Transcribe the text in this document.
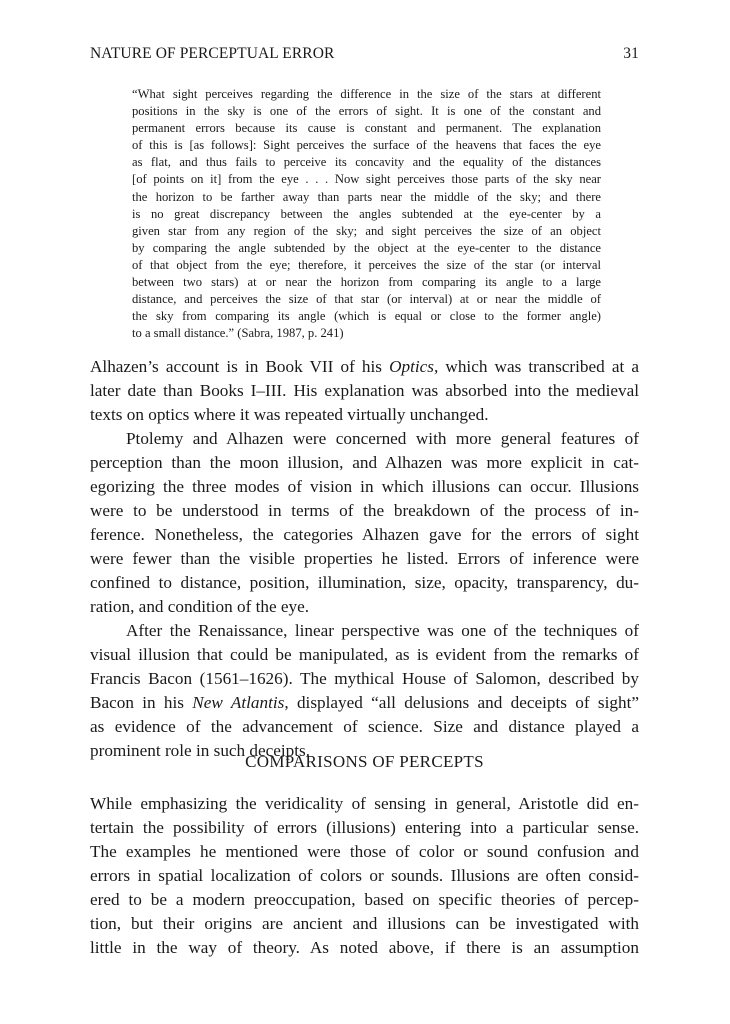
NATURE OF PERCEPTUAL ERROR	31
“What sight perceives regarding the difference in the size of the stars at different
positions in the sky is one of the errors of sight. It is one of the constant and
permanent errors because its cause is constant and permanent. The explanation
of this is [as follows]: Sight perceives the surface of the heavens that faces the eye
as flat, and thus fails to perceive its concavity and the equality of the distances
[of points on it] from the eye . . . Now sight perceives those parts of the sky near
the horizon to be farther away than parts near the middle of the sky; and there
is no great discrepancy between the angles subtended at the eye-center by a
given star from any region of the sky; and sight perceives the size of an object
by comparing the angle subtended by the object at the eye-center to the distance
of that object from the eye; therefore, it perceives the size of the star (or interval
between two stars) at or near the horizon from comparing its angle to a large
distance, and perceives the size of that star (or interval) at or near the middle of
the sky from comparing its angle (which is equal or close to the former angle)
to a small distance.” (Sabra, 1987, p. 241)
Alhazen’s account is in Book VII of his Optics, which was transcribed at a
later date than Books I–III. His explanation was absorbed into the medieval
texts on optics where it was repeated virtually unchanged.
Ptolemy and Alhazen were concerned with more general features of
perception than the moon illusion, and Alhazen was more explicit in cat-
egorizing the three modes of vision in which illusions can occur. Illusions
were to be understood in terms of the breakdown of the process of in-
ference. Nonetheless, the categories Alhazen gave for the errors of sight
were fewer than the visible properties he listed. Errors of inference were
confined to distance, position, illumination, size, opacity, transparency, du-
ration, and condition of the eye.
After the Renaissance, linear perspective was one of the techniques of
visual illusion that could be manipulated, as is evident from the remarks of
Francis Bacon (1561–1626). The mythical House of Salomon, described by
Bacon in his New Atlantis, displayed “all delusions and deceipts of sight”
as evidence of the advancement of science. Size and distance played a
prominent role in such deceipts.
COMPARISONS OF PERCEPTS
While emphasizing the veridicality of sensing in general, Aristotle did en-
tertain the possibility of errors (illusions) entering into a particular sense.
The examples he mentioned were those of color or sound confusion and
errors in spatial localization of colors or sounds. Illusions are often consid-
ered to be a modern preoccupation, based on specific theories of percep-
tion, but their origins are ancient and illusions can be investigated with
little in the way of theory. As noted above, if there is an assumption
